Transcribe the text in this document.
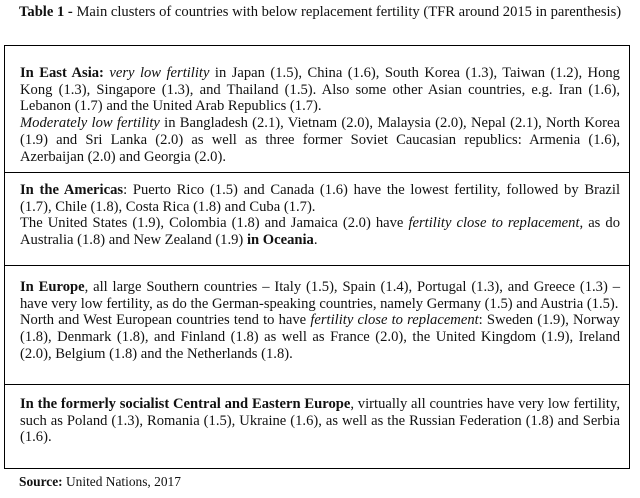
Table 1 - Main clusters of countries with below replacement fertility (TFR around 2015 in parenthesis)

In East Asia: very low fertility in Japan (1.5), China (1.6), South Korea (1.3), Taiwan (1.2), Hong Kong (1.3), Singapore (1.3), and Thailand (1.5). Also some other Asian countries, e.g. Iran (1.6), Lebanon (1.7) and the United Arab Republics (1.7).

Moderately low fertility in Bangladesh (2.1), Vietnam (2.0), Malaysia (2.0), Nepal (2.1), North Korea (1.9) and Sri Lanka (2.0) as well as three former Soviet Caucasian republics: Armenia (1.6), Azerbaijan (2.0) and Georgia (2.0).

In the Americas: Puerto Rico (1.5) and Canada (1.6) have the lowest fertility, followed by Brazil (1.7), Chile (1.8), Costa Rica (1.8) and Cuba (1.7).

The United States (1.9), Colombia (1.8) and Jamaica (2.0) have fertility close to replacement, as do Australia (1.8) and New Zealand (1.9) in Oceania.

In Europe, all large Southern countries – Italy (1.5), Spain (1.4), Portugal (1.3), and Greece (1.3) – have very low fertility, as do the German-speaking countries, namely Germany (1.5) and Austria (1.5).

North and West European countries tend to have fertility close to replacement: Sweden (1.9), Norway (1.8), Denmark (1.8), and Finland (1.8) as well as France (2.0), the United Kingdom (1.9), Ireland (2.0), Belgium (1.8) and the Netherlands (1.8).

In the formerly socialist Central and Eastern Europe, virtually all countries have very low fertility, such as Poland (1.3), Romania (1.5), Ukraine (1.6), as well as the Russian Federation (1.8) and Serbia (1.6).

Source: United Nations, 2017
